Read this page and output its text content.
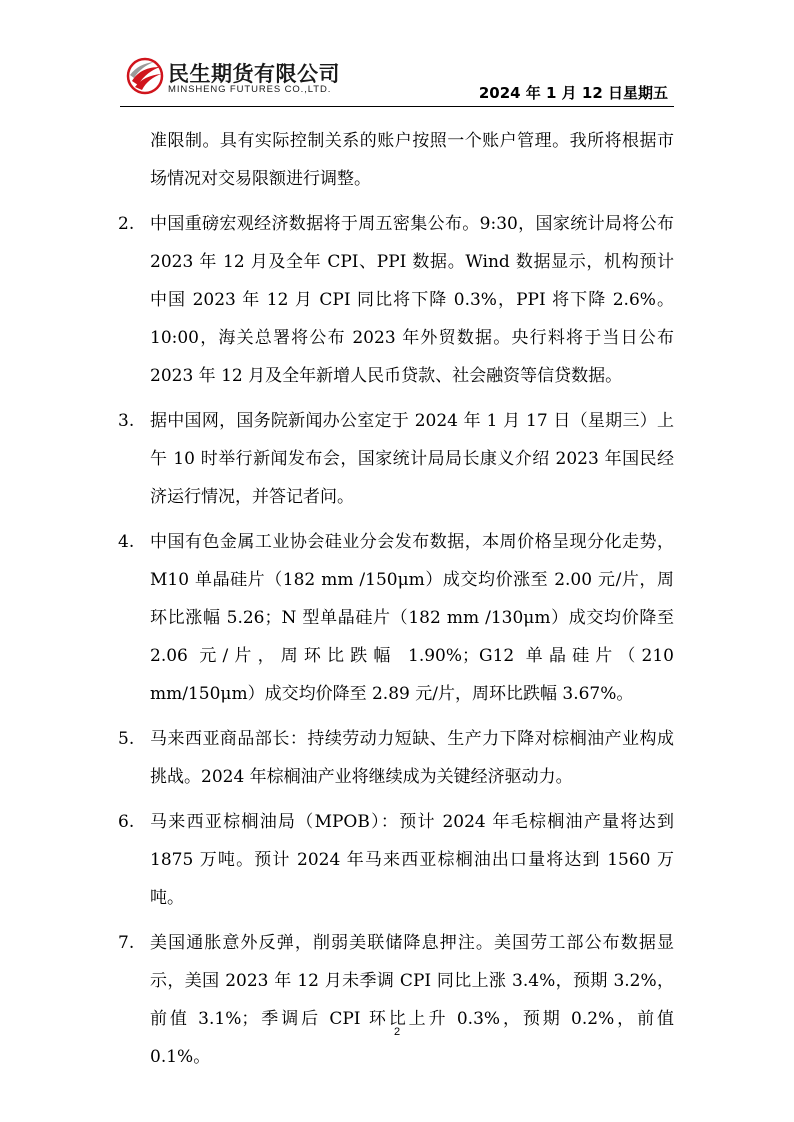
民生期货有限公司
MINSHENG FUTURES CO.,LTD.	2024 年 1 月 12 日星期五
准限制。具有实际控制关系的账户按照一个账户管理。我所将根据市场情况对交易限额进行调整。
2. 中国重磅宏观经济数据将于周五密集公布。9:30，国家统计局将公布 2023 年 12 月及全年 CPI、PPI 数据。Wind 数据显示，机构预计中国 2023 年 12 月 CPI 同比将下降 0.3%，PPI 将下降 2.6%。10:00，海关总署将公布 2023 年外贸数据。央行料将于当日公布 2023 年 12 月及全年新增人民币贷款、社会融资等信贷数据。
3. 据中国网，国务院新闻办公室定于 2024 年 1 月 17 日（星期三）上午 10 时举行新闻发布会，国家统计局局长康义介绍 2023 年国民经济运行情况，并答记者问。
4. 中国有色金属工业协会硅业分会发布数据，本周价格呈现分化走势，M10 单晶硅片（182 mm /150μm）成交均价涨至 2.00 元/片，周环比涨幅 5.26；N 型单晶硅片（182 mm /130μm）成交均价降至 2.06 元/片，周环比跌幅 1.90%；G12 单晶硅片（210 mm/150μm）成交均价降至 2.89 元/片，周环比跌幅 3.67%。
5. 马来西亚商品部长：持续劳动力短缺、生产力下降对棕榈油产业构成挑战。2024 年棕榈油产业将继续成为关键经济驱动力。
6. 马来西亚棕榈油局（MPOB）：预计 2024 年毛棕榈油产量将达到 1875 万吨。预计 2024 年马来西亚棕榈油出口量将达到 1560 万吨。
7. 美国通胀意外反弹，削弱美联储降息押注。美国劳工部公布数据显示，美国 2023 年 12 月未季调 CPI 同比上涨 3.4%，预期 3.2%，前值 3.1%；季调后 CPI 环比上升 0.3%，预期 0.2%，前值 0.1%。
2
